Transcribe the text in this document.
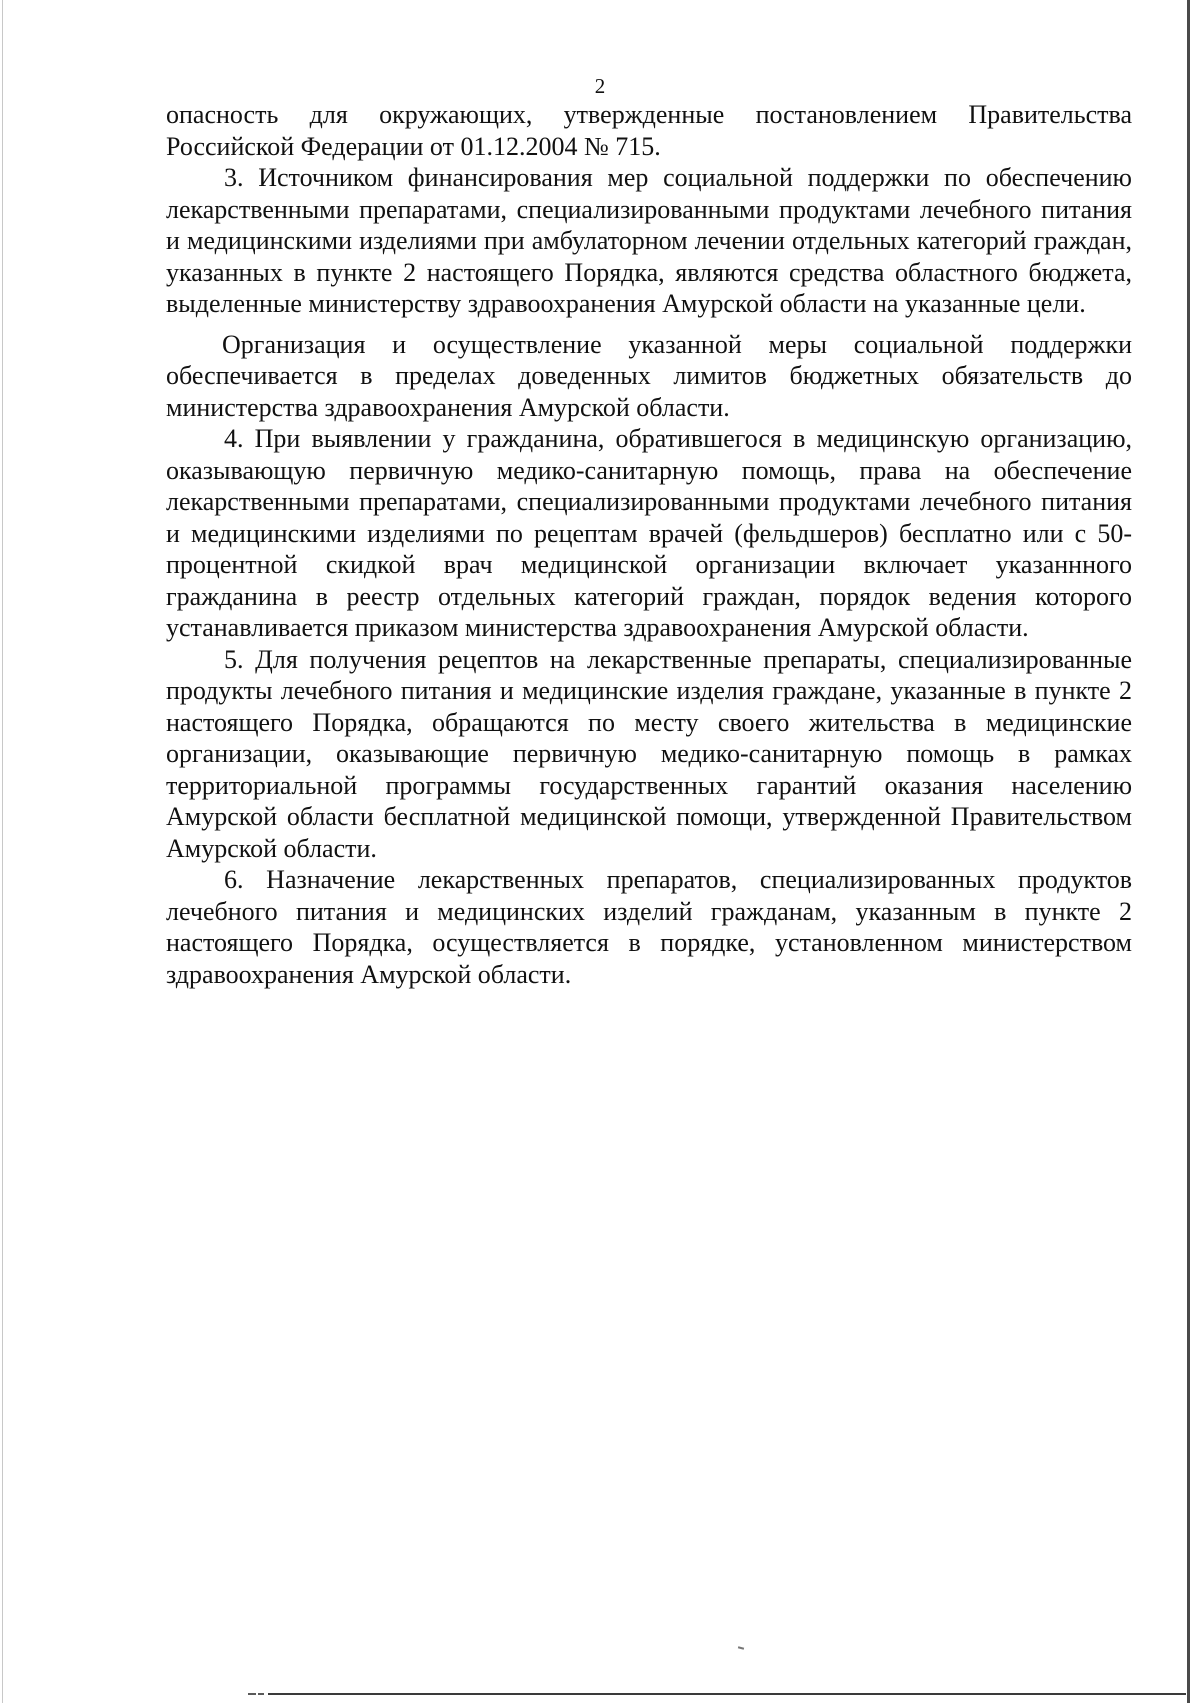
2

опасность для окружающих, утвержденные постановлением Правительства Российской Федерации от 01.12.2004 № 715.

3. Источником финансирования мер социальной поддержки по обеспечению лекарственными препаратами, специализированными продуктами лечебного питания и медицинскими изделиями при амбулаторном лечении отдельных категорий граждан, указанных в пункте 2 настоящего Порядка, являются средства областного бюджета, выделенные министерству здравоохранения Амурской области на указанные цели.

Организация и осуществление указанной меры социальной поддержки обеспечивается в пределах доведенных лимитов бюджетных обязательств до министерства здравоохранения Амурской области.

4. При выявлении у гражданина, обратившегося в медицинскую организацию, оказывающую первичную медико-санитарную помощь, права на обеспечение лекарственными препаратами, специализированными продуктами лечебного питания и медицинскими изделиями по рецептам врачей (фельдшеров) бесплатно или с 50-процентной скидкой врач медицинской организации включает указаннного гражданина в реестр отдельных категорий граждан, порядок ведения которого устанавливается приказом министерства здравоохранения Амурской области.

5. Для получения рецептов на лекарственные препараты, специализированные продукты лечебного питания и медицинские изделия граждане, указанные в пункте 2 настоящего Порядка, обращаются по месту своего жительства в медицинские организации, оказывающие первичную медико-санитарную помощь в рамках территориальной программы государственных гарантий оказания населению Амурской области бесплатной медицинской помощи, утвержденной Правительством Амурской области.

6. Назначение лекарственных препаратов, специализированных продуктов лечебного питания и медицинских изделий гражданам, указанным в пункте 2 настоящего Порядка, осуществляется в порядке, установленном министерством здравоохранения Амурской области.
